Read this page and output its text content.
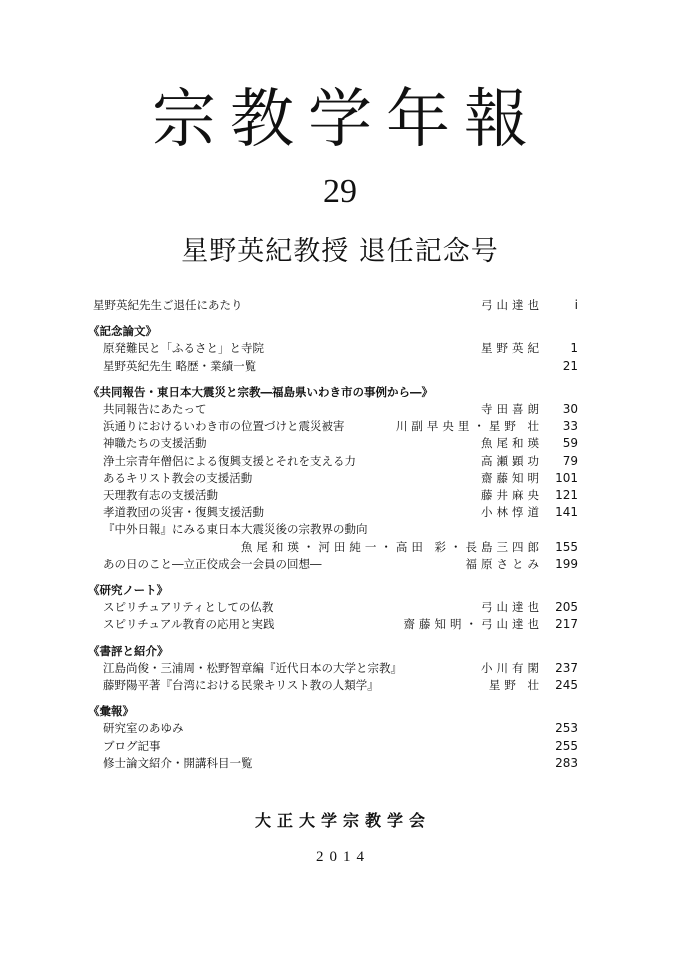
宗教学年報
29
星野英紀教授 退任記念号
星野英紀先生ご退任にあたり	弓山達也	i
《記念論文》
原発難民と「ふるさと」と寺院	星野英紀	1
星野英紀先生 略歴・業績一覧	21
《共同報告・東日本大震災と宗教―福島県いわき市の事例から―》
共同報告にあたって	寺田喜朗	30
浜通りにおけるいわき市の位置づけと震災被害	川副早央里・星野 壮	33
神職たちの支援活動	魚尾和瑛	59
浄土宗青年僧侶による復興支援とそれを支える力	高瀬顕功	79
あるキリスト教会の支援活動	齋藤知明	101
天理教有志の支援活動	藤井麻央	121
孝道教団の災害・復興支援活動	小林惇道	141
『中外日報』にみる東日本大震災後の宗教界の動向
魚尾和瑛・河田純一・高田 彩・長島三四郎	155
あの日のこと―立正佼成会一会員の回想―	福原さとみ	199
《研究ノート》
スピリチュアリティとしての仏教	弓山達也	205
スピリチュアル教育の応用と実践	齋藤知明・弓山達也	217
《書評と紹介》
江島尚俊・三浦周・松野智章編『近代日本の大学と宗教』	小川有閑	237
藤野陽平著『台湾における民衆キリスト教の人類学』	星野 壮	245
《彙報》
研究室のあゆみ	253
ブログ記事	255
修士論文紹介・開講科目一覧	283
大正大学宗教学会
2014
